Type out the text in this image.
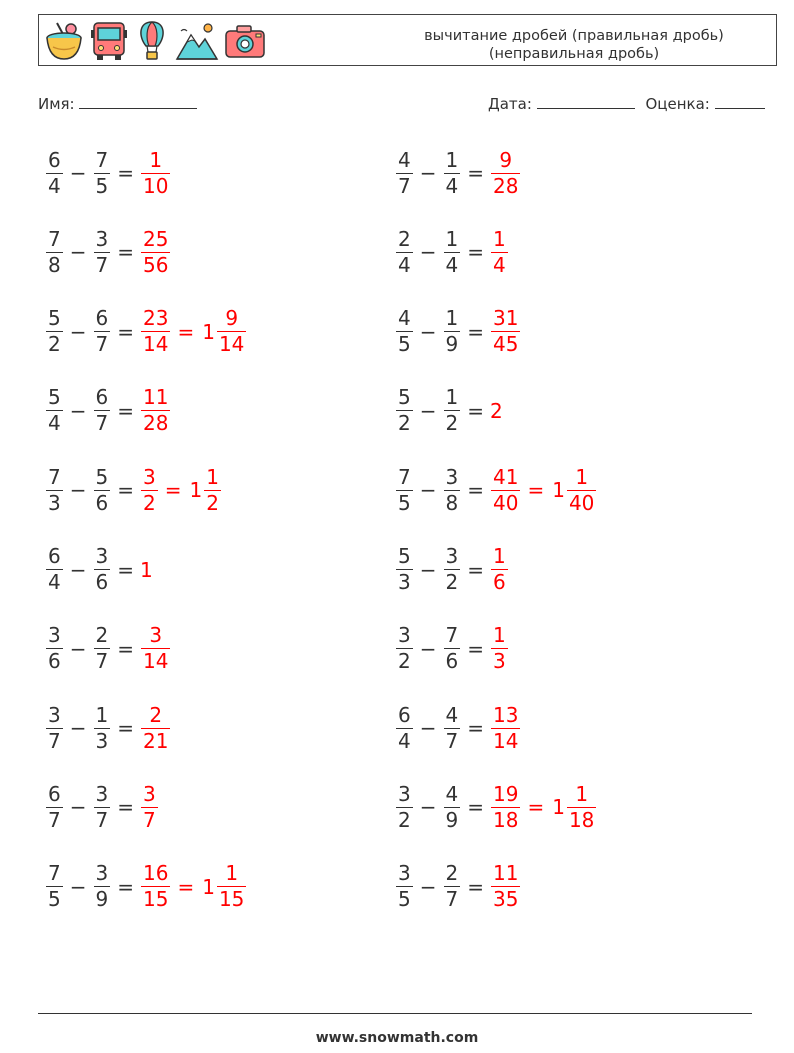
вычитание дробей (правильная дробь)
(неправильная дробь)
Имя:	Дата:	Оценка:
$\frac{6}{4} - \frac{7}{5} = \frac{1}{10}$	$\frac{4}{7} - \frac{1}{4} = \frac{9}{28}$
$\frac{7}{8} - \frac{3}{7} = \frac{25}{56}$	$\frac{2}{4} - \frac{1}{4} = \frac{1}{4}$
$\frac{5}{2} - \frac{6}{7} = \frac{23}{14} = 1 \frac{9}{14}$	$\frac{4}{5} - \frac{1}{9} = \frac{31}{45}$
$\frac{5}{4} - \frac{6}{7} = \frac{11}{28}$	$\frac{5}{2} - \frac{1}{2} = 2$
$\frac{7}{3} - \frac{5}{6} = \frac{3}{2} = 1 \frac{1}{2}$	$\frac{7}{5} - \frac{3}{8} = \frac{41}{40} = 1 \frac{1}{40}$
$\frac{6}{4} - \frac{3}{6} = 1$	$\frac{5}{3} - \frac{3}{2} = \frac{1}{6}$
$\frac{3}{6} - \frac{2}{7} = \frac{3}{14}$	$\frac{3}{2} - \frac{7}{6} = \frac{1}{3}$
$\frac{3}{7} - \frac{1}{3} = \frac{2}{21}$	$\frac{6}{4} - \frac{4}{7} = \frac{13}{14}$
$\frac{6}{7} - \frac{3}{7} = \frac{3}{7}$	$\frac{3}{2} - \frac{4}{9} = \frac{19}{18} = 1 \frac{1}{18}$
$\frac{7}{5} - \frac{3}{9} = \frac{16}{15} = 1 \frac{1}{15}$	$\frac{3}{5} - \frac{2}{7} = \frac{11}{35}$
www.snowmath.com
